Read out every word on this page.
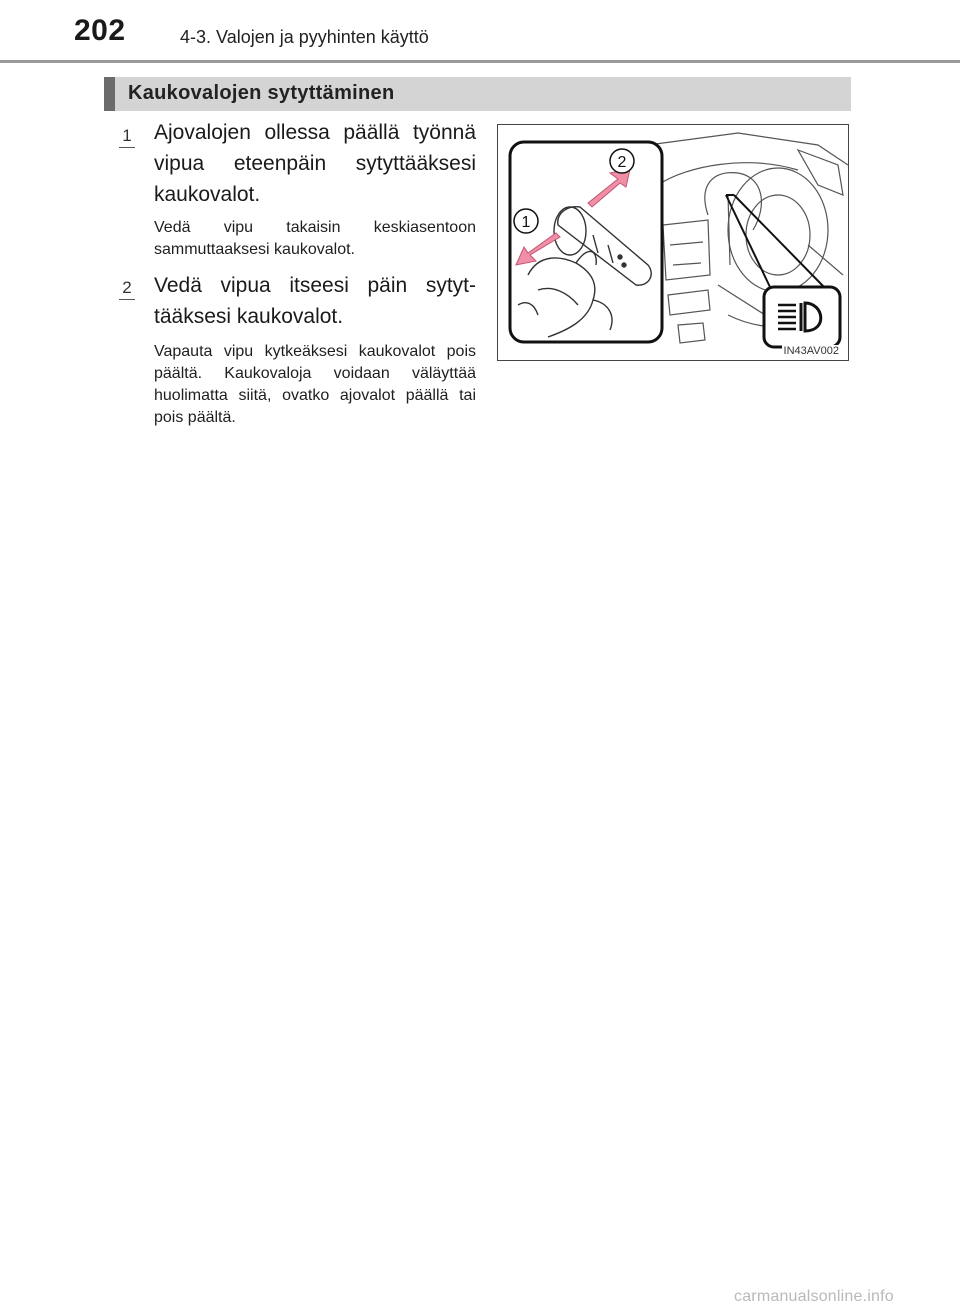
202	4-3. Valojen ja pyyhinten käyttö
Kaukovalojen sytyttäminen
1 Ajovalojen ollessa päällä työnnä vipua eteenpäin sytyttääksesi kaukovalot.
Vedä vipu takaisin keskiasentoon sammuttaaksesi kaukovalot.
2 Vedä vipua itseesi päin sytyt-tääksesi kaukovalot.
Vapauta vipu kytkeäksesi kaukovalot pois päältä. Kaukovaloja voidaan väläyttää huolimatta siitä, ovatko ajovalot päällä tai pois päältä.
2
1
IN43AV002
carmanualsonline.info
